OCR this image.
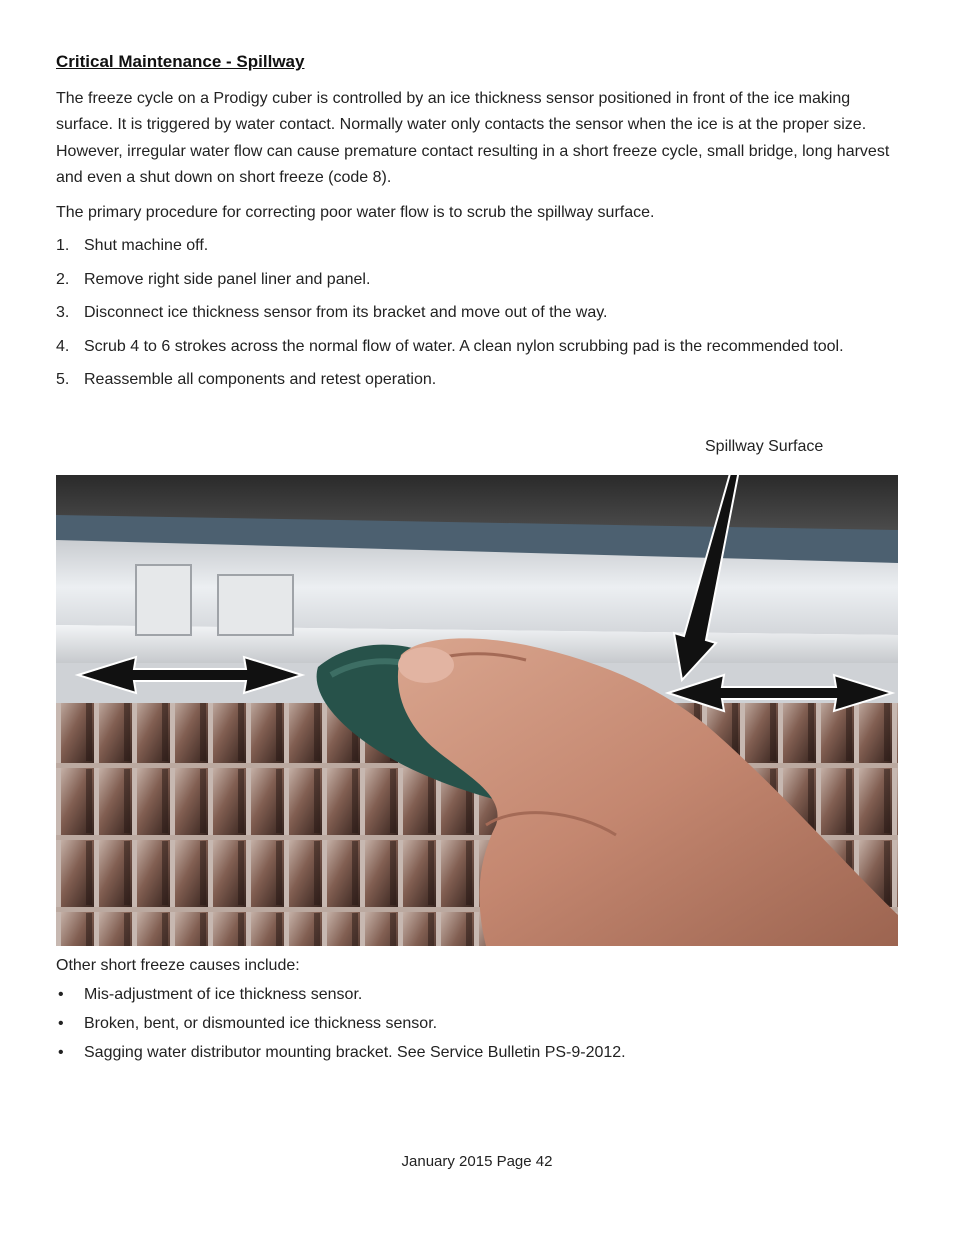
Critical Maintenance - Spillway

The freeze cycle on a Prodigy cuber is controlled by an ice thickness sensor positioned in front of the ice making surface. It is triggered by water contact. Normally water only contacts the sensor when the ice is at the proper size. However, irregular water flow can cause premature contact resulting in a short freeze cycle, small bridge, long harvest and even a shut down on short freeze (code 8).

The primary procedure for correcting poor water flow is to scrub the spillway surface.

1. Shut machine off.
2. Remove right side panel liner and panel.
3. Disconnect ice thickness sensor from its bracket and move out of the way.
4. Scrub 4 to 6 strokes across the normal flow of water. A clean nylon scrubbing pad is the recommended tool.
5. Reassemble all components and retest operation.
Spillway Surface
Other short freeze causes include:
• Mis-adjustment of ice thickness sensor.
• Broken, bent, or dismounted ice thickness sensor.
• Sagging water distributor mounting bracket. See Service Bulletin PS-9-2012.
January 2015 Page 42
